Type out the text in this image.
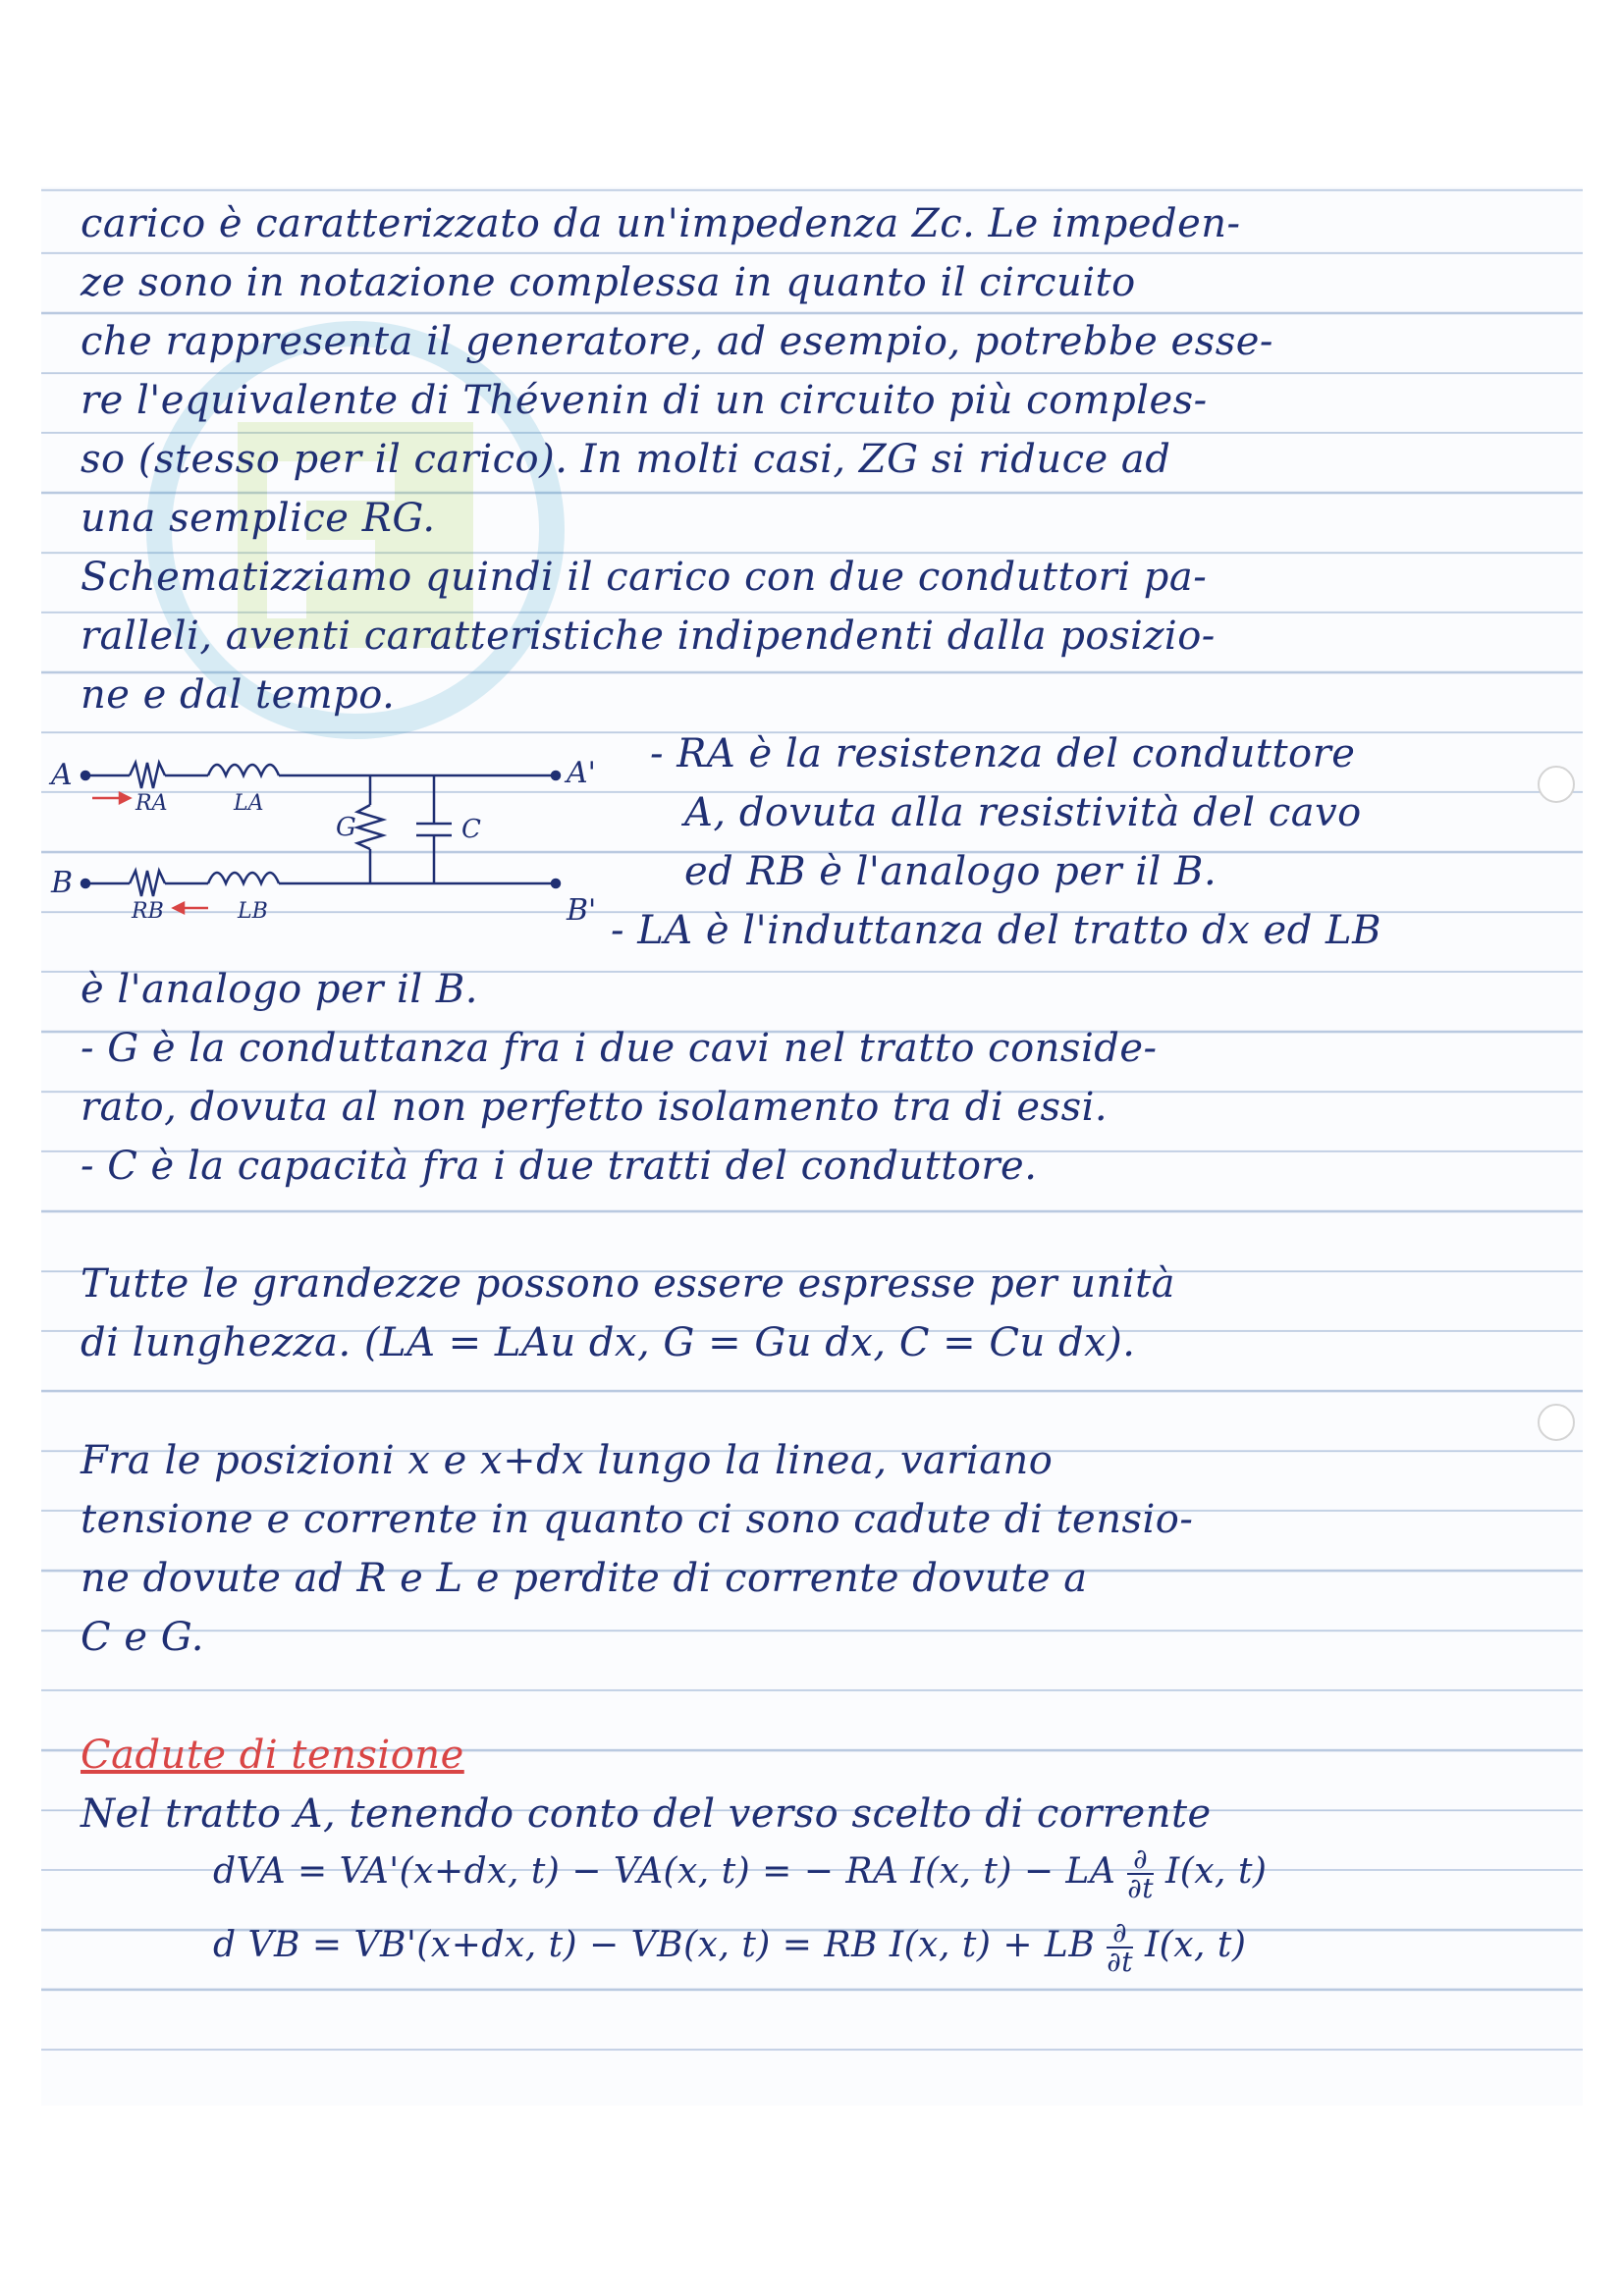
carico è caratterizzato da un'impedenza Zc. Le impeden-
ze sono in notazione complessa in quanto il circuito
che rappresenta il generatore, ad esempio, potrebbe esse-
re l'equivalente di Thévenin di un circuito più comples-
so (stesso per il carico). In molti casi, ZG si riduce ad
una semplice RG.
Schematizziamo quindi il carico con due conduttori pa-
ralleli, aventi caratteristiche indipendenti dalla posizio-
ne e dal tempo.
A	A'
B
B'
RA	LA
RB	LB
G	C
- RA è la resistenza del conduttore
A, dovuta alla resistività del cavo
ed RB è l'analogo per il B.
- LA è l'induttanza del tratto dx ed LB
è l'analogo per il B.
- G è la conduttanza fra i due cavi nel tratto conside-
rato, dovuta al non perfetto isolamento tra di essi.
- C è la capacità fra i due tratti del conduttore.
Tutte le grandezze possono essere espresse per unità
di lunghezza. (LA = LAu dx, G = Gu dx, C = Cu dx).
Fra le posizioni x e x+dx lungo la linea, variano
tensione e corrente in quanto ci sono cadute di tensio-
ne dovute ad R e L e perdite di corrente dovute a
C e G.
Cadute di tensione
Nel tratto A, tenendo conto del verso scelto di corrente
dVA = VA'(x+dx, t) − VA(x, t) = − RA I(x, t) − LA $\frac{\partial}{\partial t} I(x$, t)
d VB = VB'(x+dx, t) − VB(x, t) = RB I(x, t) + LB $\frac{\partial}{\partial t} I(x$, t)
